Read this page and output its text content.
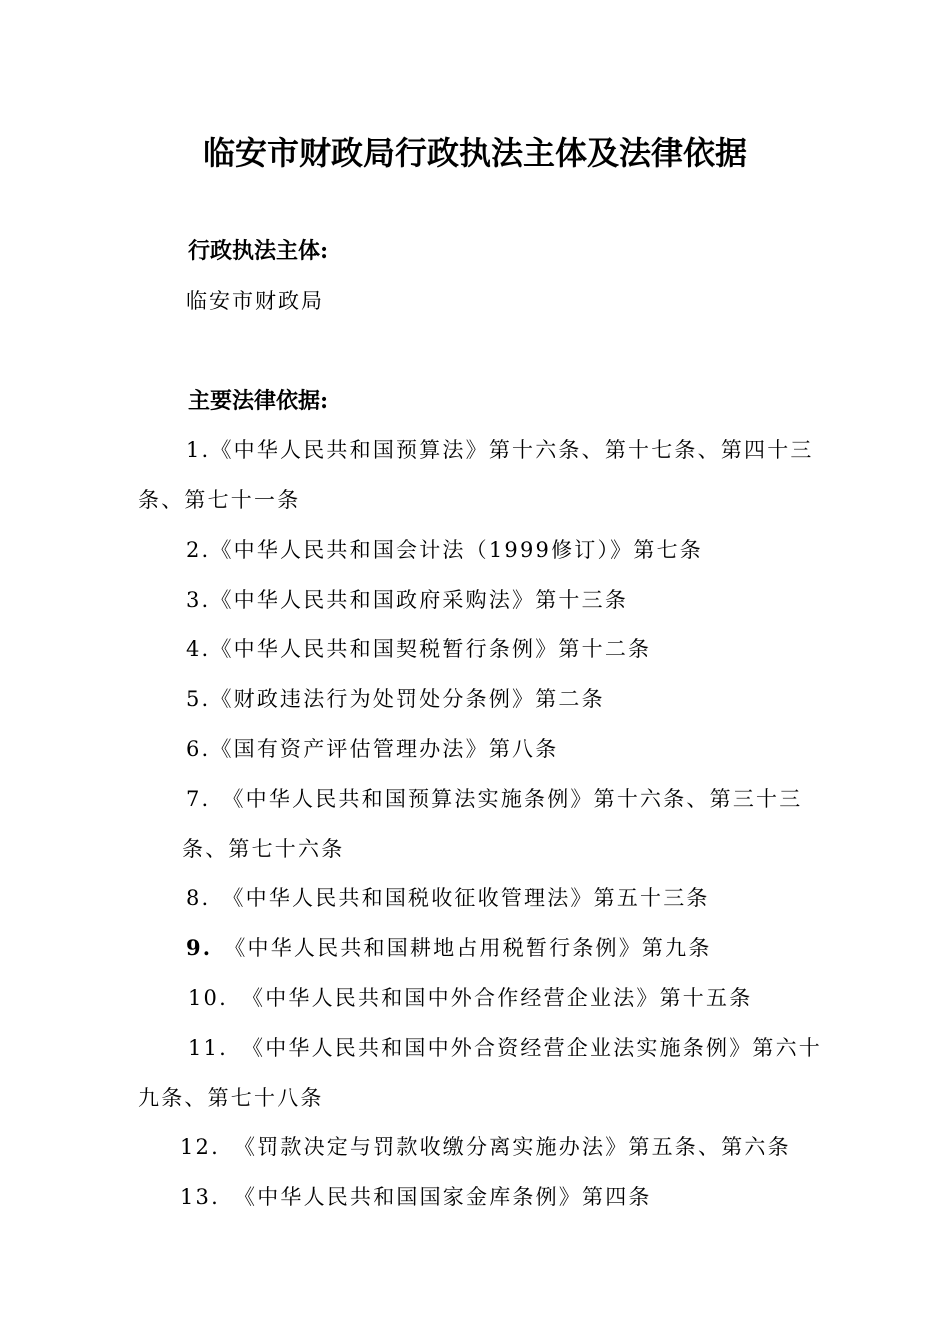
临安市财政局行政执法主体及法律依据
行政执法主体:
临安市财政局
主要法律依据:
1.《中华人民共和国预算法》第十六条、第十七条、第四十三
条、第七十一条
2.《中华人民共和国会计法（1999修订）》第七条
3.《中华人民共和国政府采购法》第十三条
4.《中华人民共和国契税暂行条例》第十二条
5.《财政违法行为处罚处分条例》第二条
6.《国有资产评估管理办法》第八条
7. 《中华人民共和国预算法实施条例》第十六条、第三十三
条、第七十六条
8. 《中华人民共和国税收征收管理法》第五十三条
9. 《中华人民共和国耕地占用税暂行条例》第九条
10. 《中华人民共和国中外合作经营企业法》第十五条
11. 《中华人民共和国中外合资经营企业法实施条例》第六十
九条、第七十八条
12. 《罚款决定与罚款收缴分离实施办法》第五条、第六条
13. 《中华人民共和国国家金库条例》第四条
